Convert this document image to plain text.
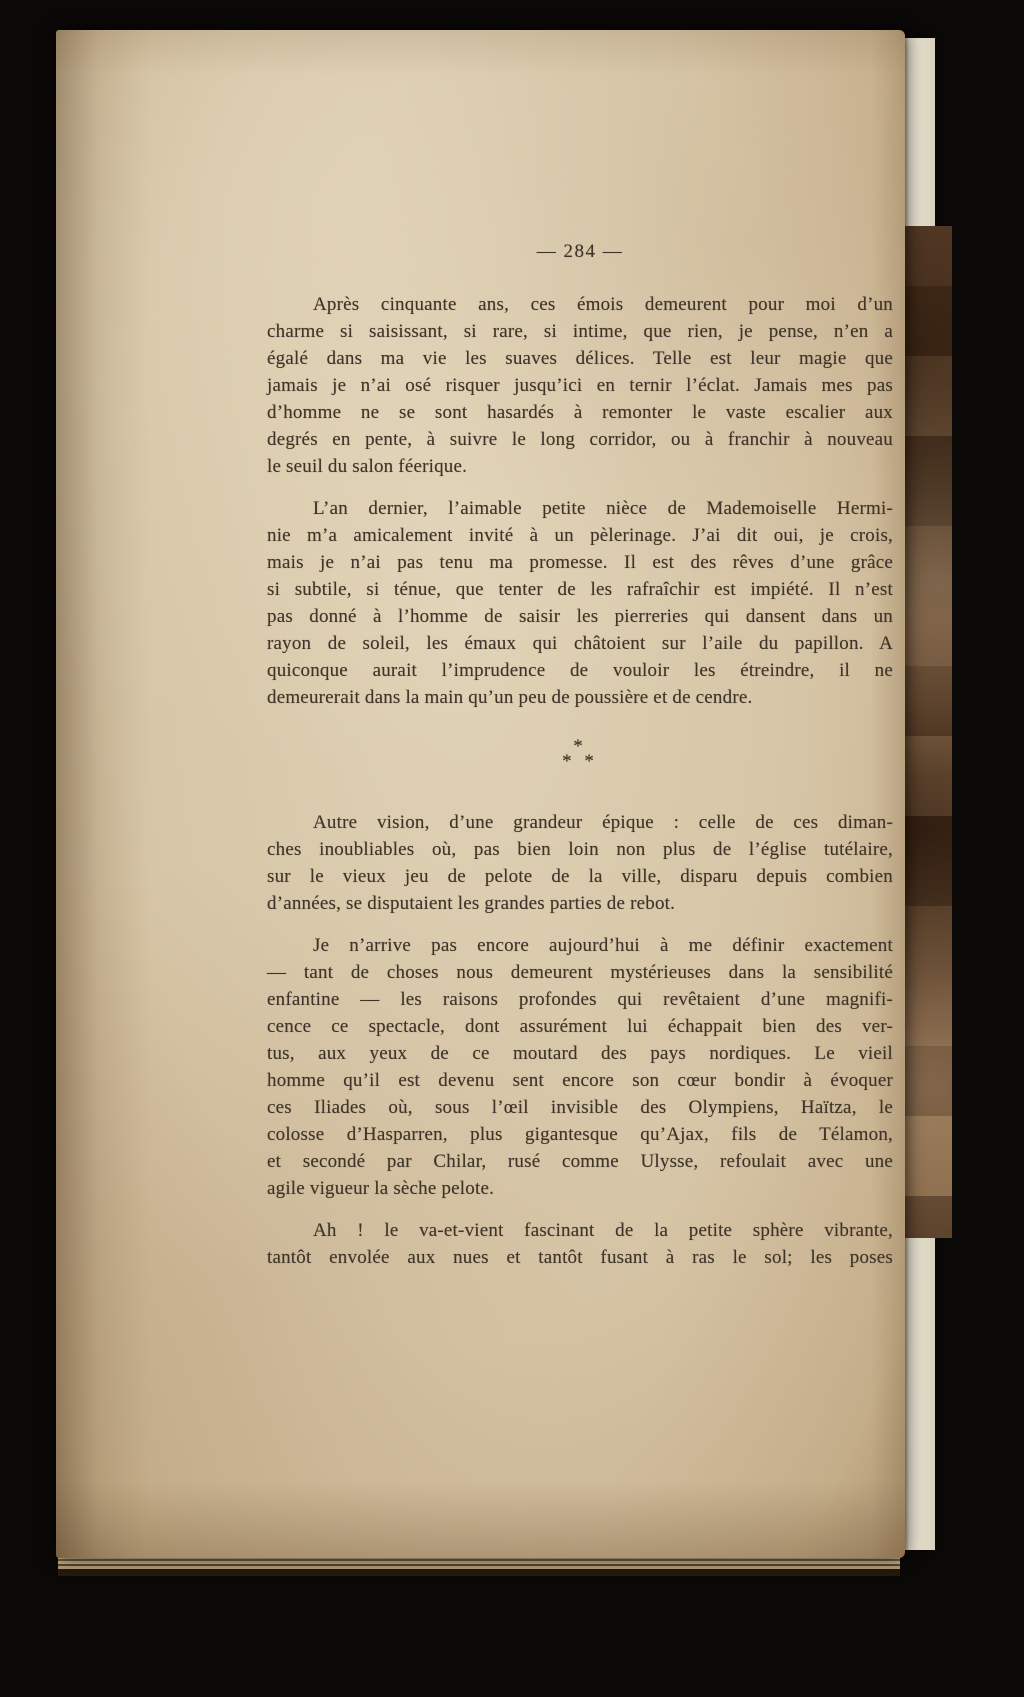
— 284 —
Après cinquante ans, ces émois demeurent pour moi d’un
charme si saisissant, si rare, si intime, que rien, je pense, n’en a
égalé dans ma vie les suaves délices. Telle est leur magie que
jamais je n’ai osé risquer jusqu’ici en ternir l’éclat. Jamais mes pas
d’homme ne se sont hasardés à remonter le vaste escalier aux
degrés en pente, à suivre le long corridor, ou à franchir à nouveau
le seuil du salon féerique.
L’an dernier, l’aimable petite nièce de Mademoiselle Hermi-
nie m’a amicalement invité à un pèlerinage. J’ai dit oui, je crois,
mais je n’ai pas tenu ma promesse. Il est des rêves d’une grâce
si subtile, si ténue, que tenter de les rafraîchir est impiété. Il n’est
pas donné à l’homme de saisir les pierreries qui dansent dans un
rayon de soleil, les émaux qui châtoient sur l’aile du papillon. A
quiconque aurait l’imprudence de vouloir les étreindre, il ne
demeurerait dans la main qu’un peu de poussière et de cendre.
*
* *
Autre vision, d’une grandeur épique : celle de ces diman-
ches inoubliables où, pas bien loin non plus de l’église tutélaire,
sur le vieux jeu de pelote de la ville, disparu depuis combien
d’années, se disputaient les grandes parties de rebot.
Je n’arrive pas encore aujourd’hui à me définir exactement
— tant de choses nous demeurent mystérieuses dans la sensibilité
enfantine — les raisons profondes qui revêtaient d’une magnifi-
cence ce spectacle, dont assurément lui échappait bien des ver-
tus, aux yeux de ce moutard des pays nordiques. Le vieil
homme qu’il est devenu sent encore son cœur bondir à évoquer
ces Iliades où, sous l’œil invisible des Olympiens, Haïtza, le
colosse d’Hasparren, plus gigantesque qu’Ajax, fils de Télamon,
et secondé par Chilar, rusé comme Ulysse, refoulait avec une
agile vigueur la sèche pelote.
Ah ! le va-et-vient fascinant de la petite sphère vibrante,
tantôt envolée aux nues et tantôt fusant à ras le sol; les poses
